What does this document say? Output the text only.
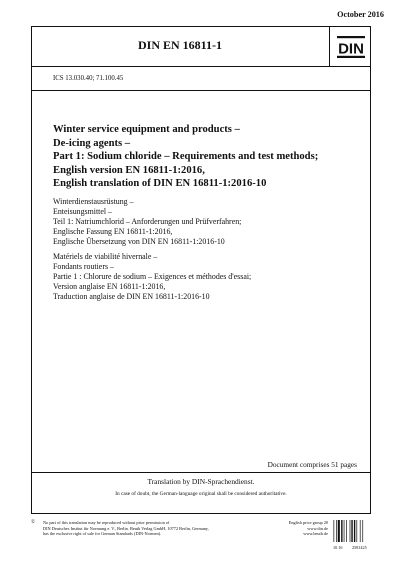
October 2016
DIN EN 16811-1	DIN
ICS 13.030.40; 71.100.45
Winter service equipment and products –
De-icing agents –
Part 1: Sodium chloride – Requirements and test methods;
English version EN 16811-1:2016,
English translation of DIN EN 16811-1:2016-10
Winterdienstausrüstung –
Enteisungsmittel –
Teil 1: Natriumchlorid – Anforderungen und Prüfverfahren;
Englische Fassung EN 16811-1:2016,
Englische Übersetzung von DIN EN 16811-1:2016-10
Matériels de viabilité hivernale –
Fondants routiers –
Partie 1 : Chlorure de sodium – Exigences et méthodes d'essai;
Version anglaise EN 16811-1:2016,
Traduction anglaise de DIN EN 16811-1:2016-10
Document comprises 51 pages
Translation by DIN-Sprachendienst.
In case of doubt, the German-language original shall be considered authoritative.
©	No part of this translation may be reproduced without prior permission of
DIN Deutsches Institut für Normung e. V., Berlin. Beuth Verlag GmbH, 10772 Berlin, Germany,
has the exclusive right of sale for German Standards (DIN-Normen).
English price group 20
www.din.de
www.beuth.de
10.16 2581425
